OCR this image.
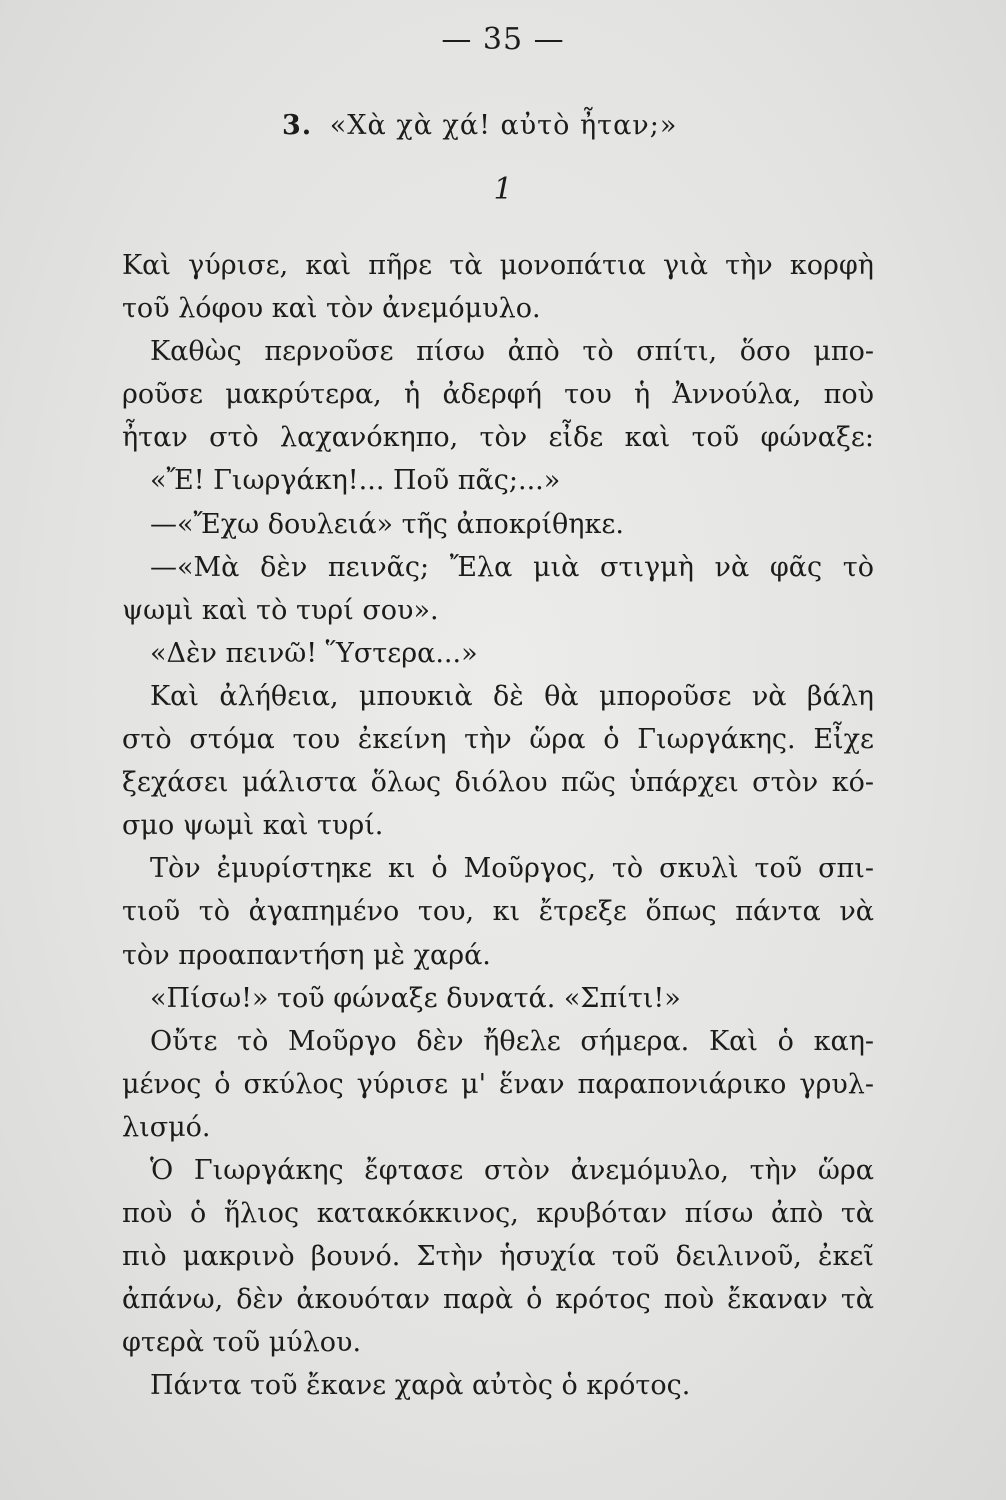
— 35 —
3. «Χὰ χὰ χά! αὐτὸ ἦταν;»
1
Καὶ γύρισε, καὶ πῆρε τὰ μονοπάτια γιὰ τὴν κορφὴ
τοῦ λόφου καὶ τὸν ἀνεμόμυλο.
Καθὼς περνοῦσε πίσω ἀπὸ τὸ σπίτι, ὅσο μπο-
ροῦσε μακρύτερα, ἡ ἀδερφή του ἡ Ἀννούλα, ποὺ
ἦταν στὸ λαχανόκηπο, τὸν εἶδε καὶ τοῦ φώναξε:
«Ἔ! Γιωργάκη!... Ποῦ πᾶς;...»
—«Ἔχω δουλειά» τῆς ἀποκρίθηκε.
—«Μὰ δὲν πεινᾶς; Ἔλα μιὰ στιγμὴ νὰ φᾶς τὸ
ψωμὶ καὶ τὸ τυρί σου».
«Δὲν πεινῶ! Ὕστερα...»
Καὶ ἀλήθεια, μπουκιὰ δὲ θὰ μποροῦσε νὰ βάλη
στὸ στόμα του ἐκείνη τὴν ὥρα ὁ Γιωργάκης. Εἶχε
ξεχάσει μάλιστα ὅλως διόλου πῶς ὑπάρχει στὸν κό-
σμο ψωμὶ καὶ τυρί.
Τὸν ἐμυρίστηκε κι ὁ Μοῦργος, τὸ σκυλὶ τοῦ σπι-
τιοῦ τὸ ἀγαπημένο του, κι ἔτρεξε ὅπως πάντα νὰ
τὸν προαπαντήση μὲ χαρά.
«Πίσω!» τοῦ φώναξε δυνατά. «Σπίτι!»
Οὔτε τὸ Μοῦργο δὲν ἤθελε σήμερα. Καὶ ὁ καη-
μένος ὁ σκύλος γύρισε μ' ἕναν παραπονιάρικο γρυλ-
λισμό.
Ὁ Γιωργάκης ἔφτασε στὸν ἀνεμόμυλο, τὴν ὥρα
ποὺ ὁ ἥλιος κατακόκκινος, κρυβόταν πίσω ἀπὸ τὰ
πιὸ μακρινὸ βουνό. Στὴν ἡσυχία τοῦ δειλινοῦ, ἐκεῖ
ἀπάνω, δὲν ἀκουόταν παρὰ ὁ κρότος ποὺ ἔκαναν τὰ
φτερὰ τοῦ μύλου.
Πάντα τοῦ ἔκανε χαρὰ αὐτὸς ὁ κρότος.
